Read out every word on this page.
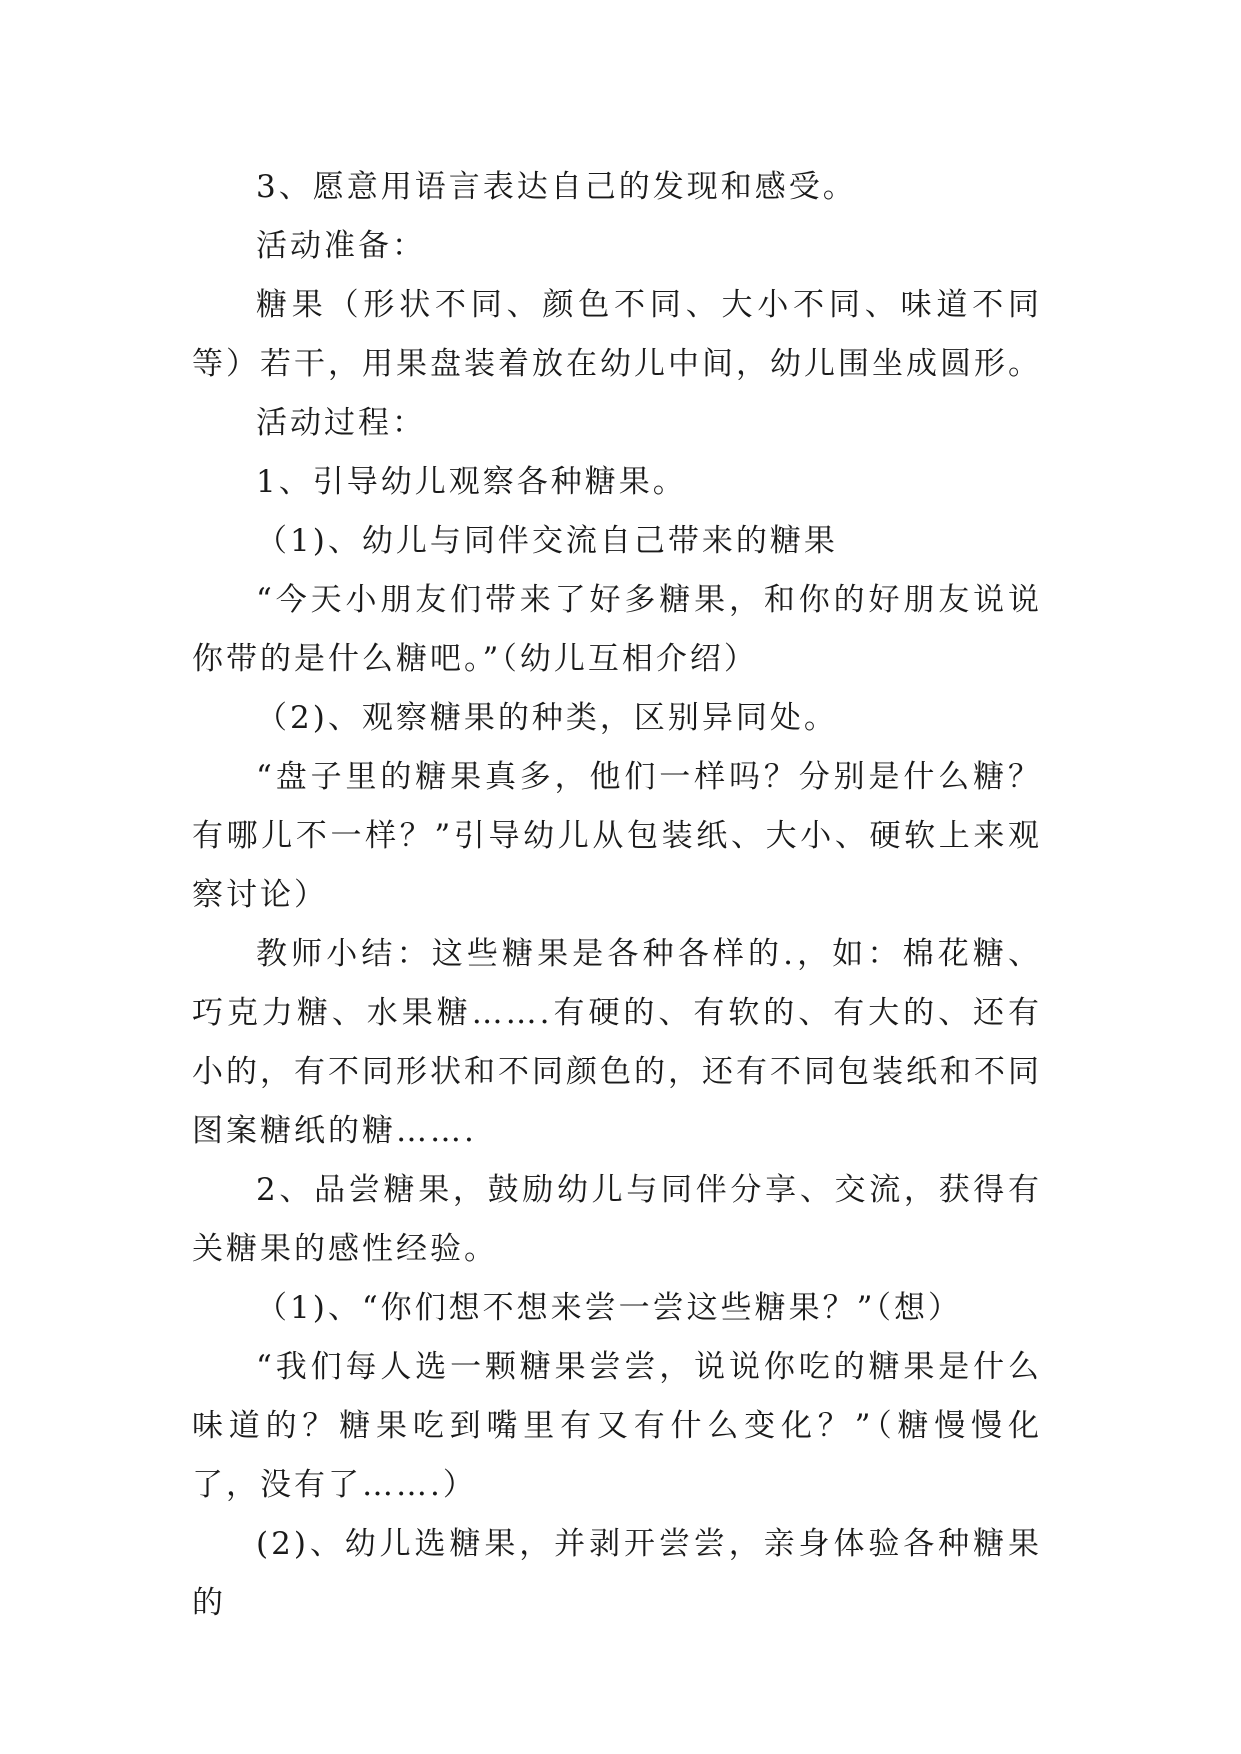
3、愿意用语言表达自己的发现和感受。

活动准备：

糖果（形状不同、颜色不同、大小不同、味道不同等）若干，用果盘装着放在幼儿中间，幼儿围坐成圆形。

活动过程：

1、引导幼儿观察各种糖果。

（1)、幼儿与同伴交流自己带来的糖果

“今天小朋友们带来了好多糖果，和你的好朋友说说你带的是什么糖吧。”（幼儿互相介绍）

（2)、观察糖果的种类，区别异同处。

“盘子里的糖果真多，他们一样吗？分别是什么糖？有哪儿不一样？”引导幼儿从包装纸、大小、硬软上来观察讨论）

教师小结：这些糖果是各种各样的.，如：棉花糖、巧克力糖、水果糖…….有硬的、有软的、有大的、还有小的，有不同形状和不同颜色的，还有不同包装纸和不同图案糖纸的糖…….

2、品尝糖果，鼓励幼儿与同伴分享、交流，获得有关糖果的感性经验。

（1)、“你们想不想来尝一尝这些糖果？”（想）

“我们每人选一颗糖果尝尝，说说你吃的糖果是什么味道的？糖果吃到嘴里有又有什么变化？”（糖慢慢化了，没有了…….）

(2)、幼儿选糖果，并剥开尝尝，亲身体验各种糖果的
